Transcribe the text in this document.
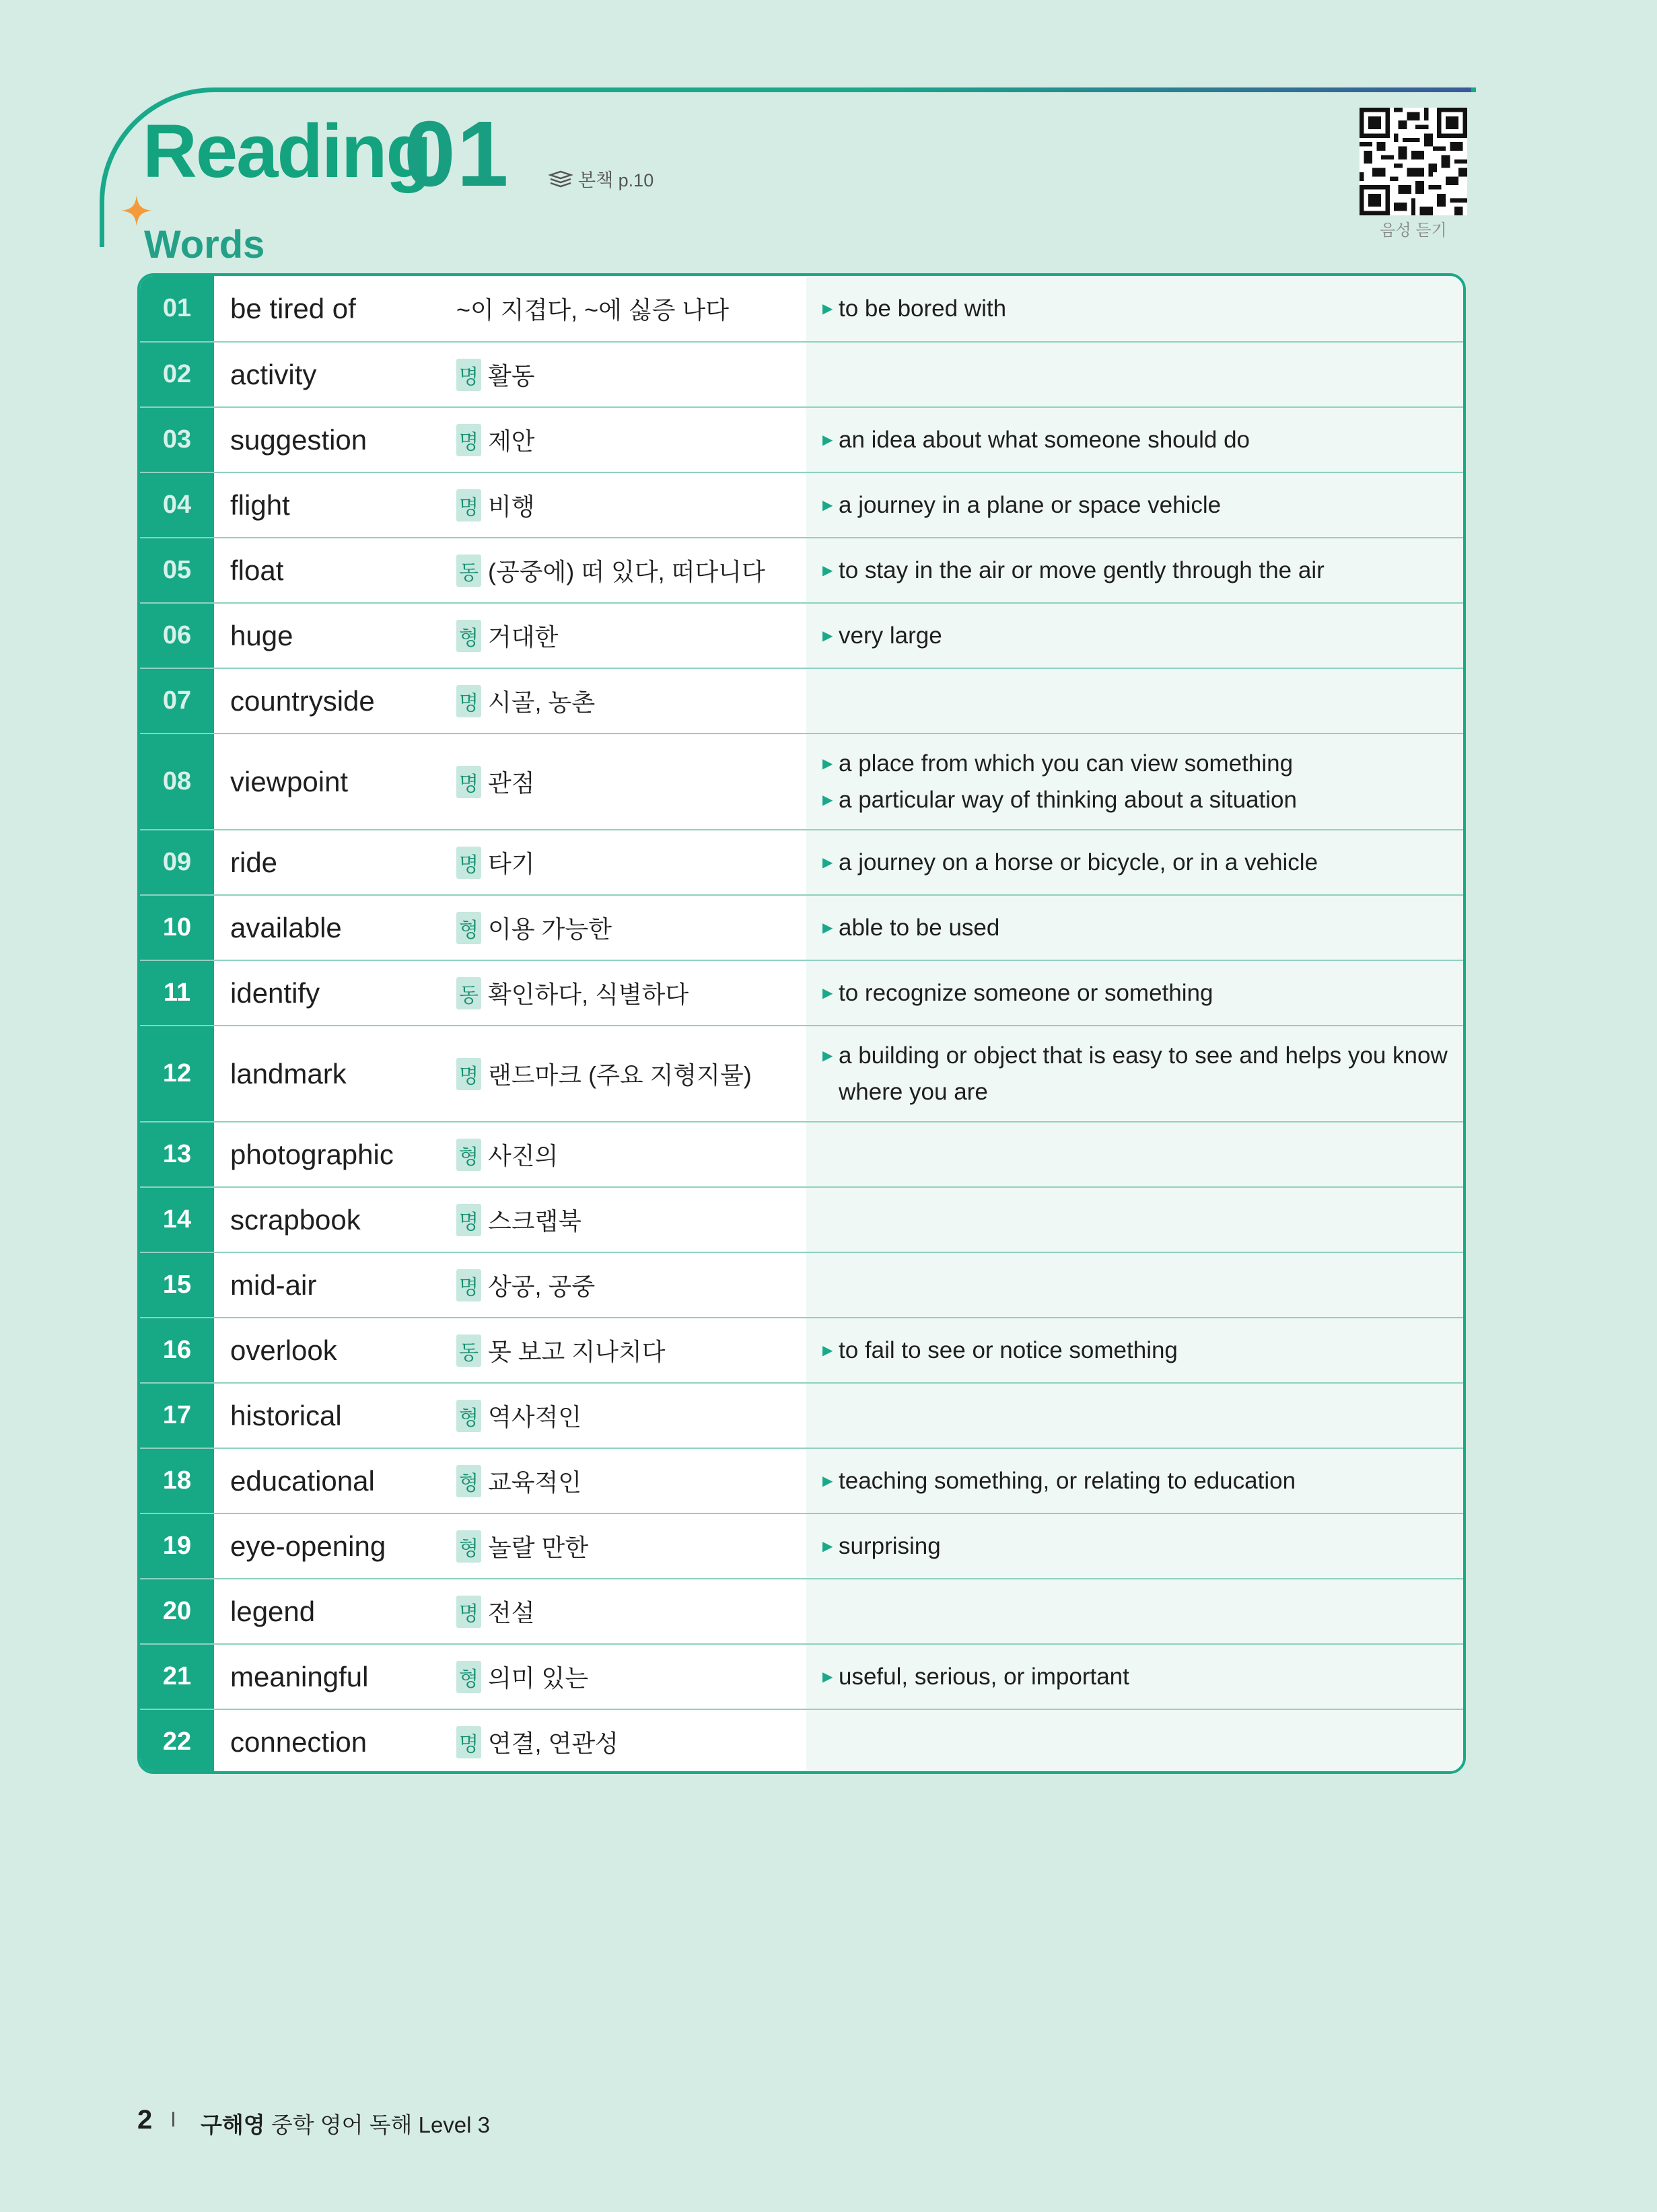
Reading
01	본책 p.10
Words	음성 듣기
01	be tired of	~이 지겹다, ~에 싫증 나다	▶ to be bored with
02	activity	명 활동
03	suggestion	명 제안	▶ an idea about what someone should do
04	flight	명 비행	▶ a journey in a plane or space vehicle
05	float	동 (공중에) 떠 있다, 떠다니다	▶ to stay in the air or move gently through the air
06	huge	형 거대한	▶ very large
07	countryside	명 시골, 농촌
08	viewpoint	명 관점
▶ a place from which you can view something
▶ a particular way of thinking about a situation
09	ride	명 타기	▶ a journey on a horse or bicycle, or in a vehicle
10	available	형 이용 가능한	▶ able to be used
11	identify	동 확인하다, 식별하다	▶ to recognize someone or something
12	landmark	명 랜드마크 (주요 지형지물)
▶ a building or object that is easy to see and helps you know where you are
13	photographic	형 사진의
14	scrapbook	명 스크랩북
15	mid-air	명 상공, 공중
16	overlook	동 못 보고 지나치다	▶ to fail to see or notice something
17	historical	형 역사적인
18	educational	형 교육적인	▶ teaching something, or relating to education
19	eye-opening	형 놀랄 만한	▶ surprising
20	legend	명 전설
21	meaningful	형 의미 있는	▶ useful, serious, or important
22	connection	명 연결, 연관성
2 구해영 중학 영어 독해 Level 3
